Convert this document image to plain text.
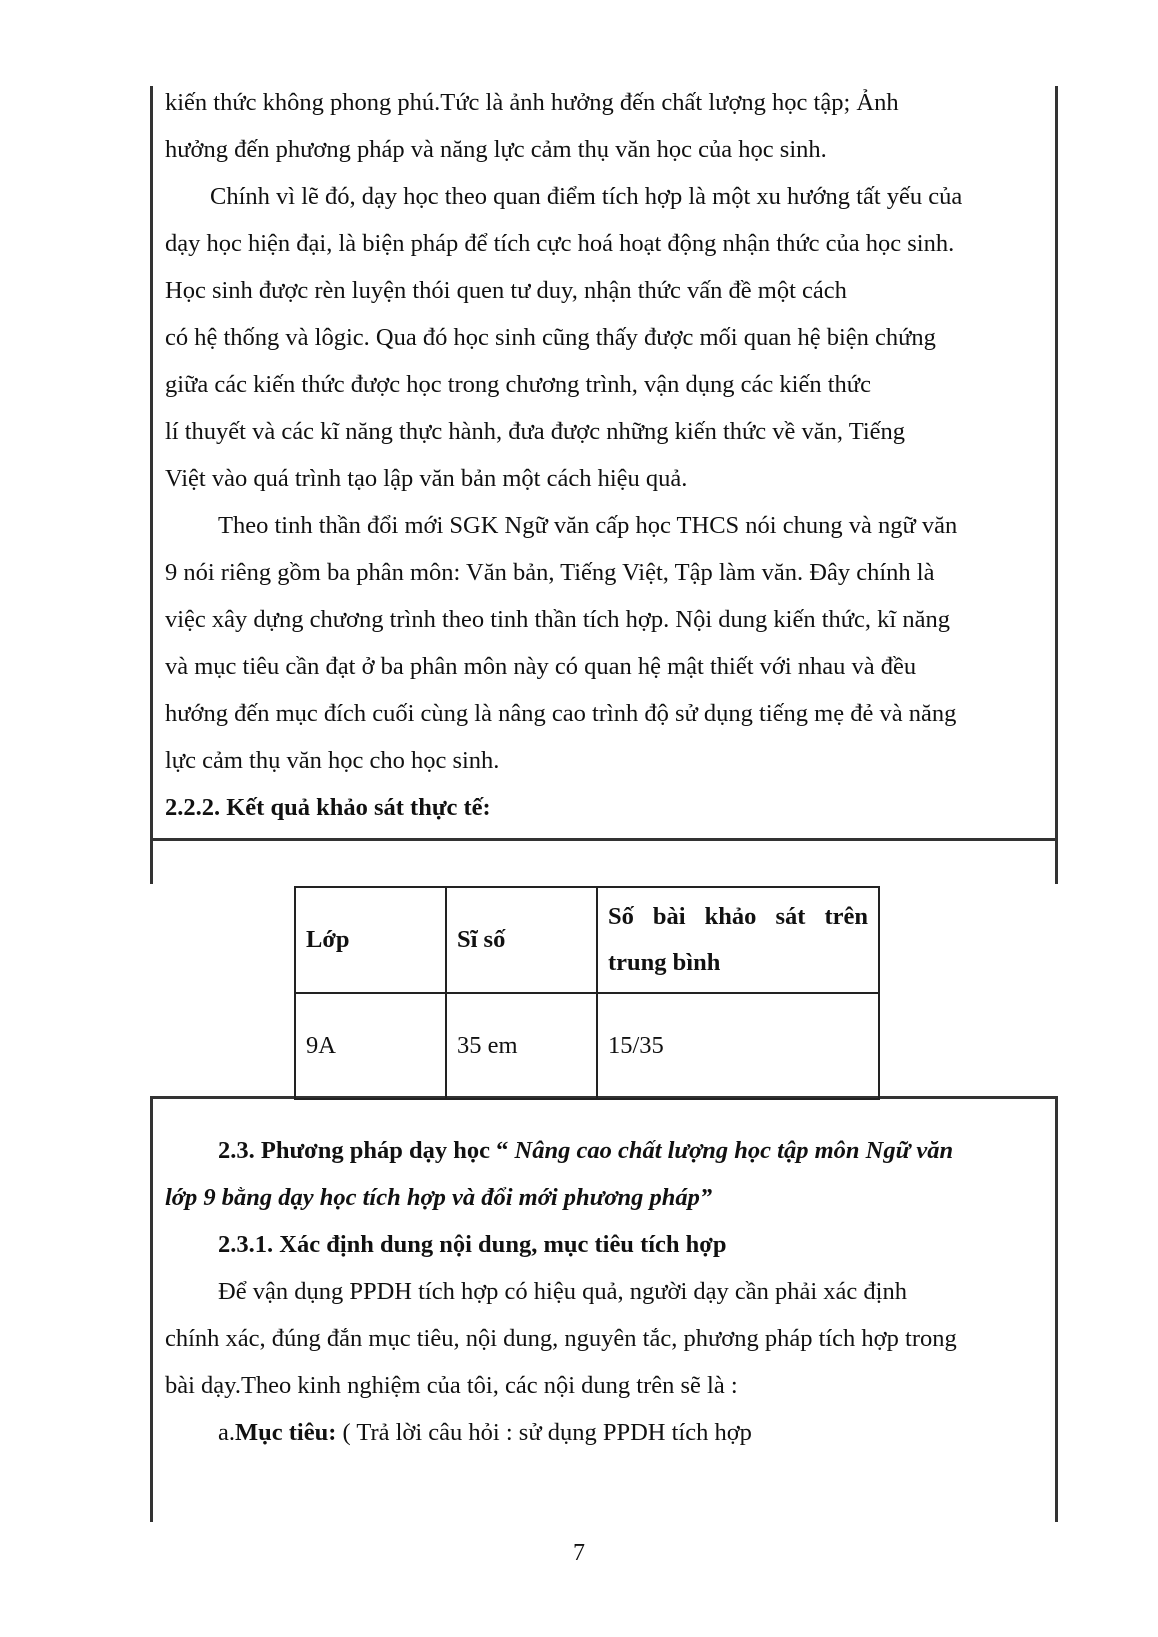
kiến thức không phong phú.Tức là ảnh hưởng đến chất lượng học tập; Ảnh
hưởng đến phương pháp và năng lực cảm thụ văn học của học sinh.
Chính vì lẽ đó, dạy học theo quan điểm tích hợp là một xu hướng tất yếu của
dạy học hiện đại, là biện pháp để tích cực hoá hoạt động nhận thức của học sinh.
Học sinh được rèn luyện thói quen tư duy, nhận thức vấn đề một cách
có hệ thống và lôgic. Qua đó học sinh cũng thấy được mối quan hệ biện chứng
giữa các kiến thức được học trong chương trình, vận dụng các kiến thức
lí thuyết và các kĩ năng thực hành, đưa được những kiến thức về văn, Tiếng
Việt vào quá trình tạo lập văn bản một cách hiệu quả.
Theo tinh thần đổi mới SGK Ngữ văn cấp học THCS nói chung và ngữ văn
9 nói riêng gồm ba phân môn: Văn bản, Tiếng Việt, Tập làm văn. Đây chính là
việc xây dựng chương trình theo tinh thần tích hợp. Nội dung kiến thức, kĩ năng
và mục tiêu cần đạt ở ba phân môn này có quan hệ mật thiết với nhau và đều
hướng đến mục đích cuối cùng là nâng cao trình độ sử dụng tiếng mẹ đẻ và năng
lực cảm thụ văn học cho học sinh.
2.2.2. Kết quả khảo sát thực tế:
Lớp	Sĩ số	Số bài khảo sát trên
trung bình

9A	35 em	15/35
2.3. Phương pháp dạy học “ Nâng cao chất lượng học tập môn Ngữ văn
lớp 9 bằng dạy học tích hợp và đổi mới phương pháp”
2.3.1. Xác định dung nội dung, mục tiêu tích hợp
Để vận dụng PPDH tích hợp có hiệu quả, người dạy cần phải xác định
chính xác, đúng đắn mục tiêu, nội dung, nguyên tắc, phương pháp tích hợp trong
bài dạy.Theo kinh nghiệm của tôi, các nội dung trên sẽ là :
a.Mục tiêu: ( Trả lời câu hỏi : sử dụng PPDH tích hợp
7
